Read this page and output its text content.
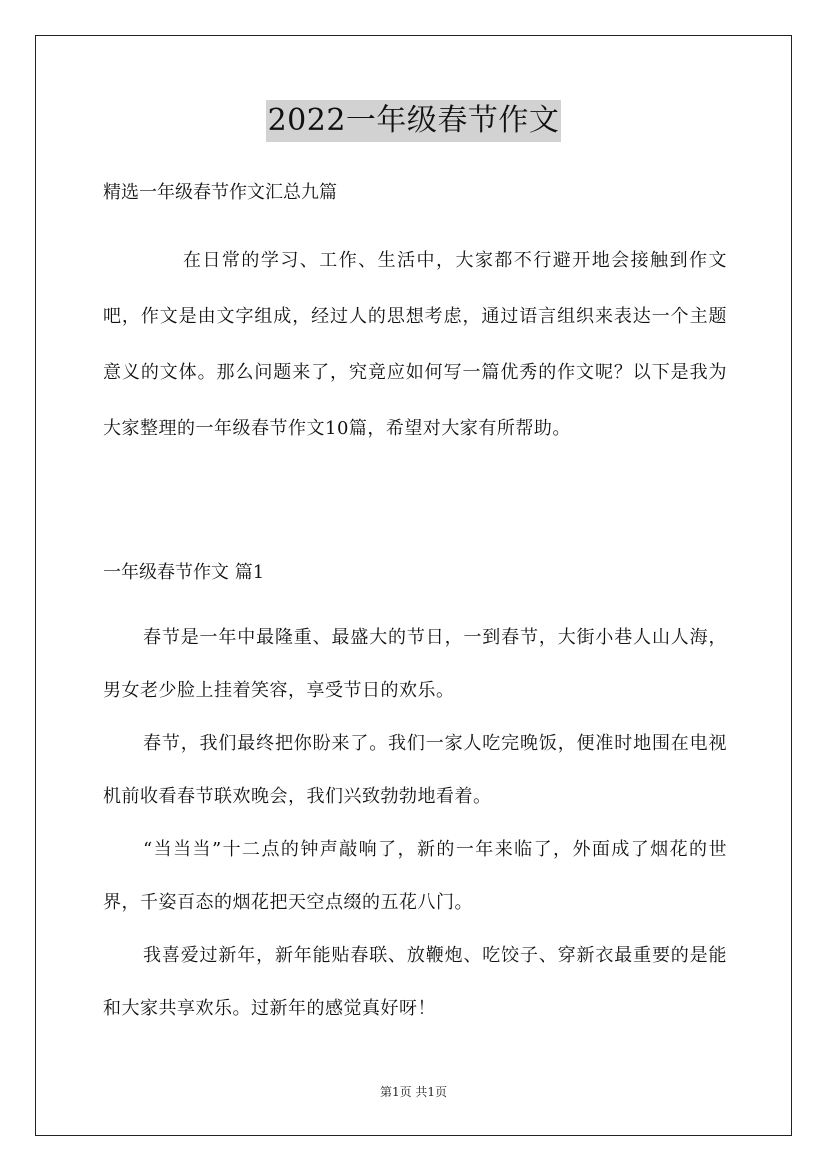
2022一年级春节作文

精选一年级春节作文汇总九篇

在日常的学习、工作、生活中，大家都不行避开地会接触到作文吧，作文是由文字组成，经过人的思想考虑，通过语言组织来表达一个主题意义的文体。那么问题来了，究竟应如何写一篇优秀的作文呢？以下是我为大家整理的一年级春节作文10篇，希望对大家有所帮助。

一年级春节作文 篇1

春节是一年中最隆重、最盛大的节日，一到春节，大街小巷人山人海，男女老少脸上挂着笑容，享受节日的欢乐。

春节，我们最终把你盼来了。我们一家人吃完晚饭，便准时地围在电视机前收看春节联欢晚会，我们兴致勃勃地看着。

“当当当”十二点的钟声敲响了，新的一年来临了，外面成了烟花的世界，千姿百态的烟花把天空点缀的五花八门。

我喜爱过新年，新年能贴春联、放鞭炮、吃饺子、穿新衣最重要的是能和大家共享欢乐。过新年的感觉真好呀！

第1页 共1页
